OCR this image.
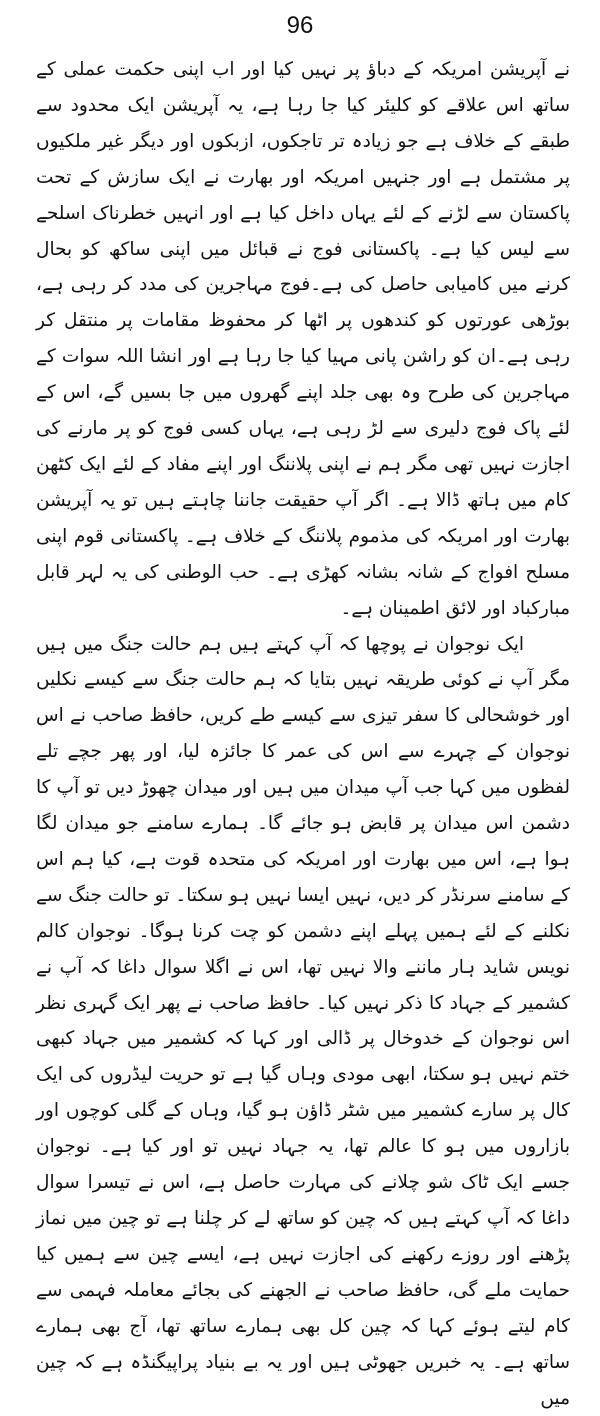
96

نے آپریشن امریکہ کے دباؤ پر نہیں کیا اور اب اپنی حکمت عملی کے ساتھ اس علاقے کو کلیئر کیا جا رہا ہے، یہ آپریشن ایک محدود سے طبقے کے خلاف ہے جو زیادہ تر تاجکوں، ازبکوں اور دیگر غیر ملکیوں پر مشتمل ہے اور جنہیں امریکہ اور بھارت نے ایک سازش کے تحت پاکستان سے لڑنے کے لئے یہاں داخل کیا ہے اور انہیں خطرناک اسلحے سے لیس کیا ہے۔ پاکستانی فوج نے قبائل میں اپنی ساکھ کو بحال کرنے میں کامیابی حاصل کی ہے۔فوج مہاجرین کی مدد کر رہی ہے، بوڑھی عورتوں کو کندھوں پر اٹھا کر محفوظ مقامات پر منتقل کر رہی ہے۔ان کو راشن پانی مہیا کیا جا رہا ہے اور انشا اللہ سوات کے مہاجرین کی طرح وہ بھی جلد اپنے گھروں میں جا بسیں گے، اس کے لئے پاک فوج دلیری سے لڑ رہی ہے، یہاں کسی فوج کو پر مارنے کی اجازت نہیں تھی مگر ہم نے اپنی پلاننگ اور اپنے مفاد کے لئے ایک کٹھن کام میں ہاتھ ڈالا ہے۔ اگر آپ حقیقت جاننا چاہتے ہیں تو یہ آپریشن بھارت اور امریکہ کی مذموم پلاننگ کے خلاف ہے۔ پاکستانی قوم اپنی مسلح افواج کے شانہ بشانہ کھڑی ہے۔ حب الوطنی کی یہ لہر قابل مبارکباد اور لائق اطمینان ہے۔

ایک نوجوان نے پوچھا کہ آپ کہتے ہیں ہم حالت جنگ میں ہیں مگر آپ نے کوئی طریقہ نہیں بتایا کہ ہم حالت جنگ سے کیسے نکلیں اور خوشحالی کا سفر تیزی سے کیسے طے کریں، حافظ صاحب نے اس نوجوان کے چہرے سے اس کی عمر کا جائزہ لیا، اور پھر جچے تلے لفظوں میں کہا جب آپ میدان میں ہیں اور میدان چھوڑ دیں تو آپ کا دشمن اس میدان پر قابض ہو جائے گا۔ ہمارے سامنے جو میدان لگا ہوا ہے، اس میں بھارت اور امریکہ کی متحدہ قوت ہے، کیا ہم اس کے سامنے سرنڈر کر دیں، نہیں ایسا نہیں ہو سکتا۔ تو حالت جنگ سے نکلنے کے لئے ہمیں پہلے اپنے دشمن کو چت کرنا ہوگا۔ نوجوان کالم نویس شاید ہار ماننے والا نہیں تھا، اس نے اگلا سوال داغا کہ آپ نے کشمیر کے جہاد کا ذکر نہیں کیا۔ حافظ صاحب نے پھر ایک گہری نظر اس نوجوان کے خدوخال پر ڈالی اور کہا کہ کشمیر میں جہاد کبھی ختم نہیں ہو سکتا، ابھی مودی وہاں گیا ہے تو حریت لیڈروں کی ایک کال پر سارے کشمیر میں شٹر ڈاؤن ہو گیا، وہاں کے گلی کوچوں اور بازاروں میں ہو کا عالم تھا، یہ جہاد نہیں تو اور کیا ہے۔ نوجوان جسے ایک ٹاک شو چلانے کی مہارت حاصل ہے، اس نے تیسرا سوال داغا کہ آپ کہتے ہیں کہ چین کو ساتھ لے کر چلنا ہے تو چین میں نماز پڑھنے اور روزے رکھنے کی اجازت نہیں ہے، ایسے چین سے ہمیں کیا حمایت ملے گی، حافظ صاحب نے الجھنے کی بجائے معاملہ فہمی سے کام لیتے ہوئے کہا کہ چین کل بھی ہمارے ساتھ تھا، آج بھی ہمارے ساتھ ہے۔ یہ خبریں جھوٹی ہیں اور یہ بے بنیاد پراپیگنڈہ ہے کہ چین میں
